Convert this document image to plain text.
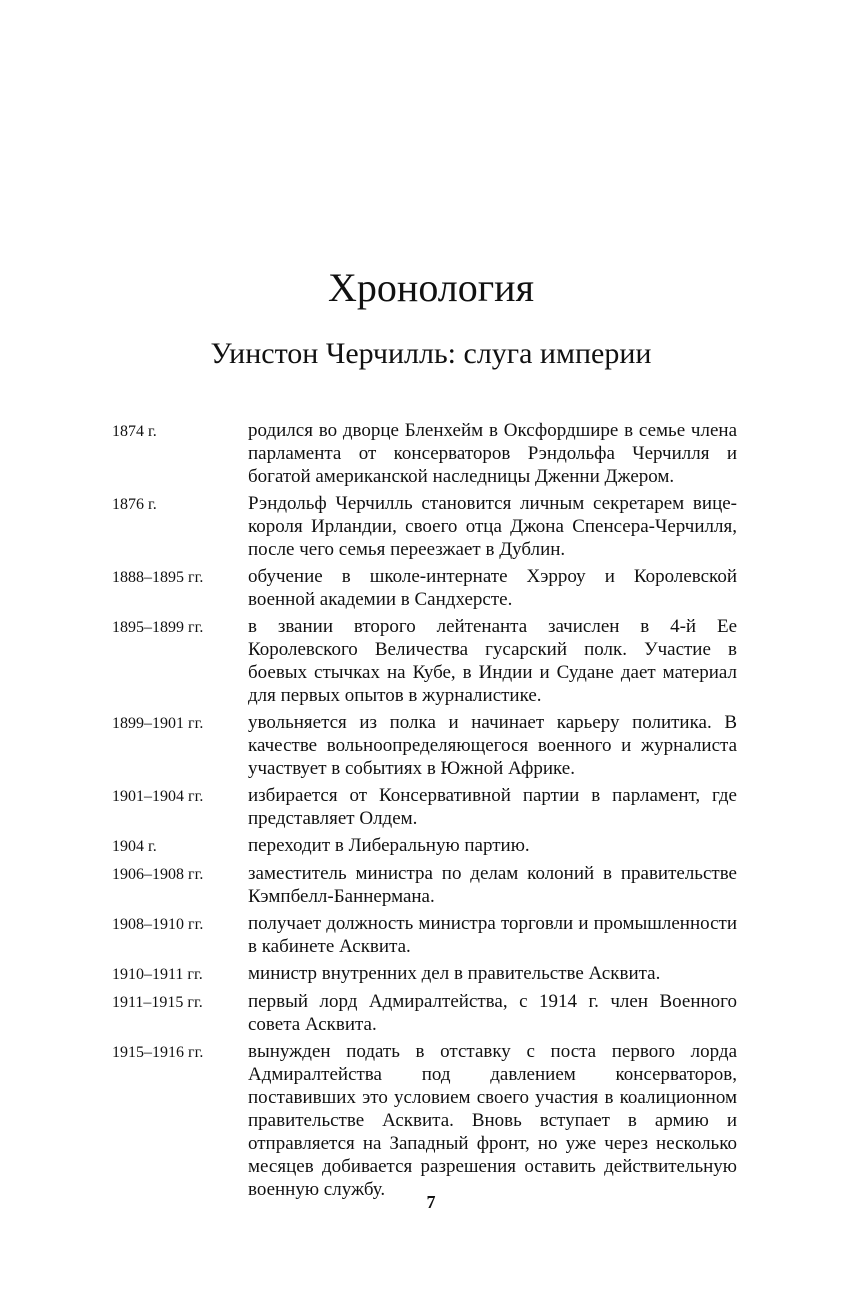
Хронология
Уинстон Черчилль: слуга империи
1874 г.	родился во дворце Бленхейм в Оксфордшире в семье члена парламента от консерваторов Рэндольфа Черчилля и богатой американской наследницы Дженни Джером.
1876 г.	Рэндольф Черчилль становится личным секретарем вице-короля Ирландии, своего отца Джона Спенсера-Черчилля, после чего семья переезжает в Дублин.
1888–1895 гг.	обучение в школе-интернате Хэрроу и Королевской военной академии в Сандхерсте.
1895–1899 гг.	в звании второго лейтенанта зачислен в 4-й Ее Королевского Величества гусарский полк. Участие в боевых стычках на Кубе, в Индии и Судане дает материал для первых опытов в журналистике.
1899–1901 гг.	увольняется из полка и начинает карьеру политика. В качестве вольноопределяющегося военного и журналиста участвует в событиях в Южной Африке.
1901–1904 гг.	избирается от Консервативной партии в парламент, где представляет Олдем.
1904 г.	переходит в Либеральную партию.
1906–1908 гг.	заместитель министра по делам колоний в правительстве Кэмпбелл-Баннермана.
1908–1910 гг.	получает должность министра торговли и промышленности в кабинете Асквита.
1910–1911 гг.	министр внутренних дел в правительстве Асквита.
1911–1915 гг.	первый лорд Адмиралтейства, с 1914 г. член Военного совета Асквита.
1915–1916 гг.	вынужден подать в отставку с поста первого лорда Адмиралтейства под давлением консерваторов, поставивших это условием своего участия в коалиционном правительстве Асквита. Вновь вступает в армию и отправляется на Западный фронт, но уже через несколько месяцев добивается разрешения оставить действительную военную службу.
7
